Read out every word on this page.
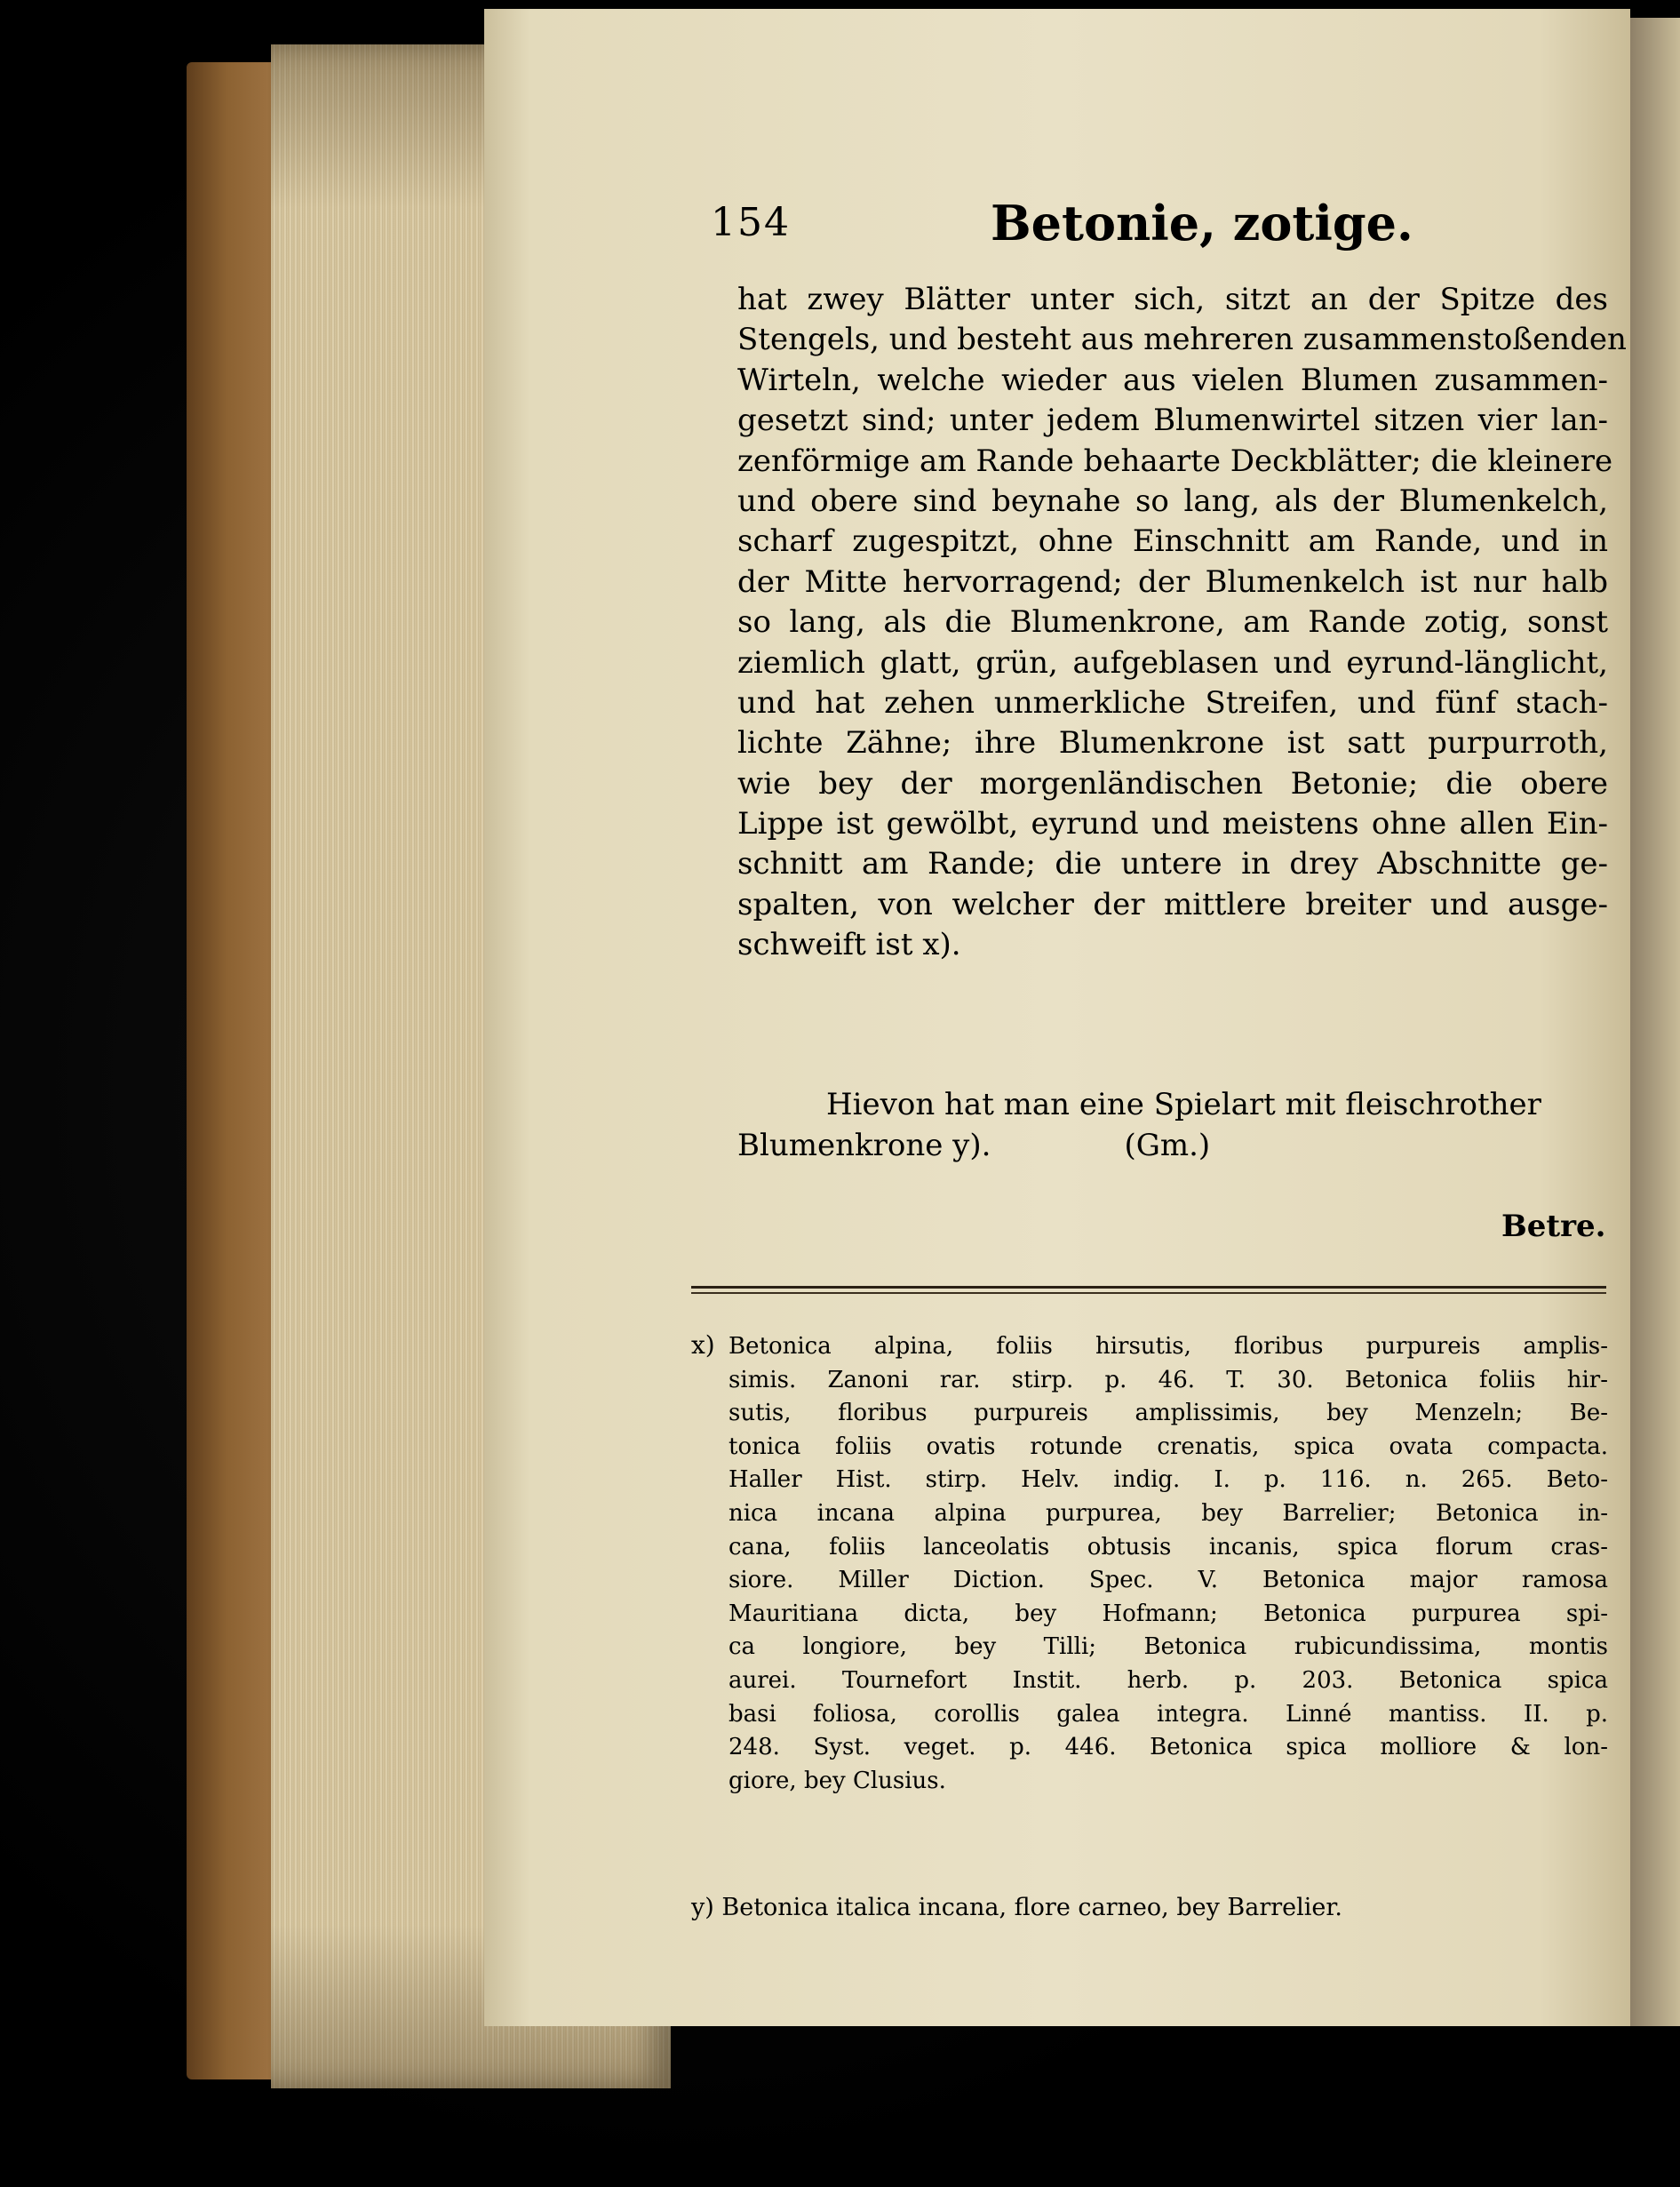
154	Betonie, zotige.
hat zwey Blätter unter sich, sitzt an der Spitze des
Stengels, und besteht aus mehreren zusammenstoßenden
Wirteln, welche wieder aus vielen Blumen zusammen-
gesetzt sind; unter jedem Blumenwirtel sitzen vier lan-
zenförmige am Rande behaarte Deckblätter; die kleinere
und obere sind beynahe so lang, als der Blumenkelch,
scharf zugespitzt, ohne Einschnitt am Rande, und in
der Mitte hervorragend; der Blumenkelch ist nur halb
so lang, als die Blumenkrone, am Rande zotig, sonst
ziemlich glatt, grün, aufgeblasen und eyrund-länglicht,
und hat zehen unmerkliche Streifen, und fünf stach-
lichte Zähne; ihre Blumenkrone ist satt purpurroth,
wie bey der morgenländischen Betonie; die obere
Lippe ist gewölbt, eyrund und meistens ohne allen Ein-
schnitt am Rande; die untere in drey Abschnitte ge-
spalten, von welcher der mittlere breiter und ausge-
schweift ist x).
Hievon hat man eine Spielart mit fleischrother
Blumenkrone y).	(Gm.)
Betre.
Betonica alpina, foliis hirsutis, floribus purpureis amplis-
simis. Zanoni rar. stirp. p. 46. T. 30. Betonica foliis hir-
sutis, floribus purpureis amplissimis, bey Menzeln; Be-
tonica foliis ovatis rotunde crenatis, spica ovata compacta.
Haller Hist. stirp. Helv. indig. I. p. 116. n. 265. Beto-
nica incana alpina purpurea, bey Barrelier; Betonica in-
cana, foliis lanceolatis obtusis incanis, spica florum cras-
siore. Miller Diction. Spec. V. Betonica major ramosa
Mauritiana dicta, bey Hofmann; Betonica purpurea spi-
ca longiore, bey Tilli; Betonica rubicundissima, montis
aurei. Tournefort Instit. herb. p. 203. Betonica spica
basi foliosa, corollis galea integra. Linné mantiss. II. p.
248. Syst. veget. p. 446. Betonica spica molliore & lon-
giore, bey Clusius.
x)
y) Betonica italica incana, flore carneo, bey Barrelier.
